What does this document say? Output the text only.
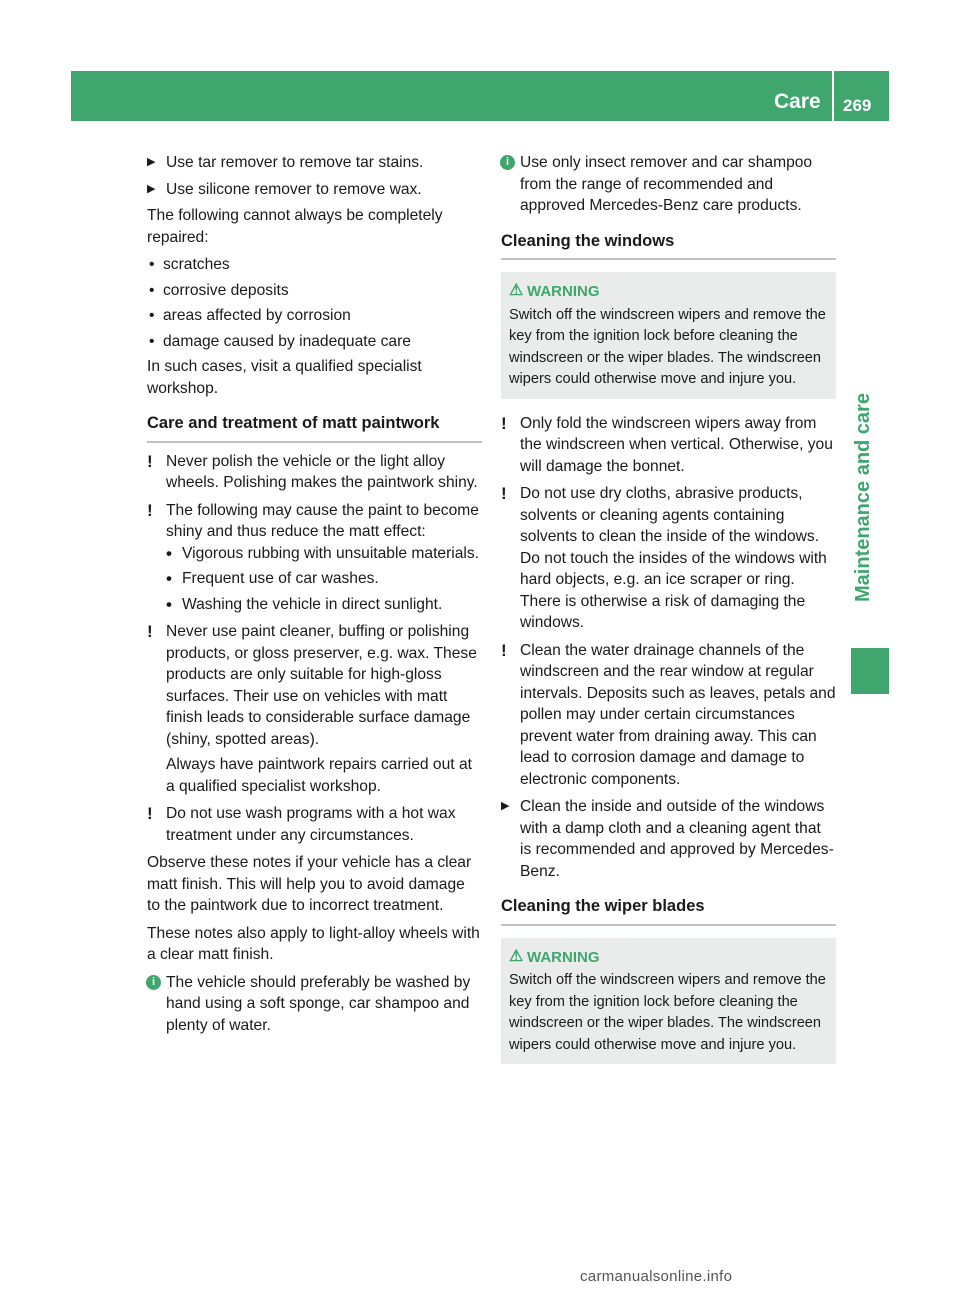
Care 269
Maintenance and care
▶ Use tar remover to remove tar stains.
▶ Use silicone remover to remove wax.

The following cannot always be completely repaired:

• scratches
• corrosive deposits
• areas affected by corrosion
• damage caused by inadequate care

In such cases, visit a qualified specialist workshop.

Care and treatment of matt paintwork
! Never polish the vehicle or the light alloy wheels. Polishing makes the paintwork shiny.
! The following may cause the paint to become shiny and thus reduce the matt effect:
• Vigorous rubbing with unsuitable materials.
• Frequent use of car washes.
• Washing the vehicle in direct sunlight.
! Never use paint cleaner, buffing or polishing products, or gloss preserver, e.g. wax. These products are only suitable for high-gloss surfaces. Their use on vehicles with matt finish leads to considerable surface damage (shiny, spotted areas).
Always have paintwork repairs carried out at a qualified specialist workshop.
! Do not use wash programs with a hot wax treatment under any circumstances.

Observe these notes if your vehicle has a clear matt finish. This will help you to avoid damage to the paintwork due to incorrect treatment.

These notes also apply to light-alloy wheels with a clear matt finish.

i The vehicle should preferably be washed by hand using a soft sponge, car shampoo and plenty of water.
i Use only insect remover and car shampoo from the range of recommended and approved Mercedes-Benz care products.
Cleaning the windows
⚠ WARNING
Switch off the windscreen wipers and remove the key from the ignition lock before cleaning the windscreen or the wiper blades. The windscreen wipers could otherwise move and injure you.
! Only fold the windscreen wipers away from the windscreen when vertical. Otherwise, you will damage the bonnet.
! Do not use dry cloths, abrasive products, solvents or cleaning agents containing solvents to clean the inside of the windows. Do not touch the insides of the windows with hard objects, e.g. an ice scraper or ring. There is otherwise a risk of damaging the windows.
! Clean the water drainage channels of the windscreen and the rear window at regular intervals. Deposits such as leaves, petals and pollen may under certain circumstances prevent water from draining away. This can lead to corrosion damage and damage to electronic components.
▶ Clean the inside and outside of the windows with a damp cloth and a cleaning agent that is recommended and approved by Mercedes-Benz.
Cleaning the wiper blades
⚠ WARNING
Switch off the windscreen wipers and remove the key from the ignition lock before cleaning the windscreen or the wiper blades. The windscreen wipers could otherwise move and injure you.
carmanualsonline.info
